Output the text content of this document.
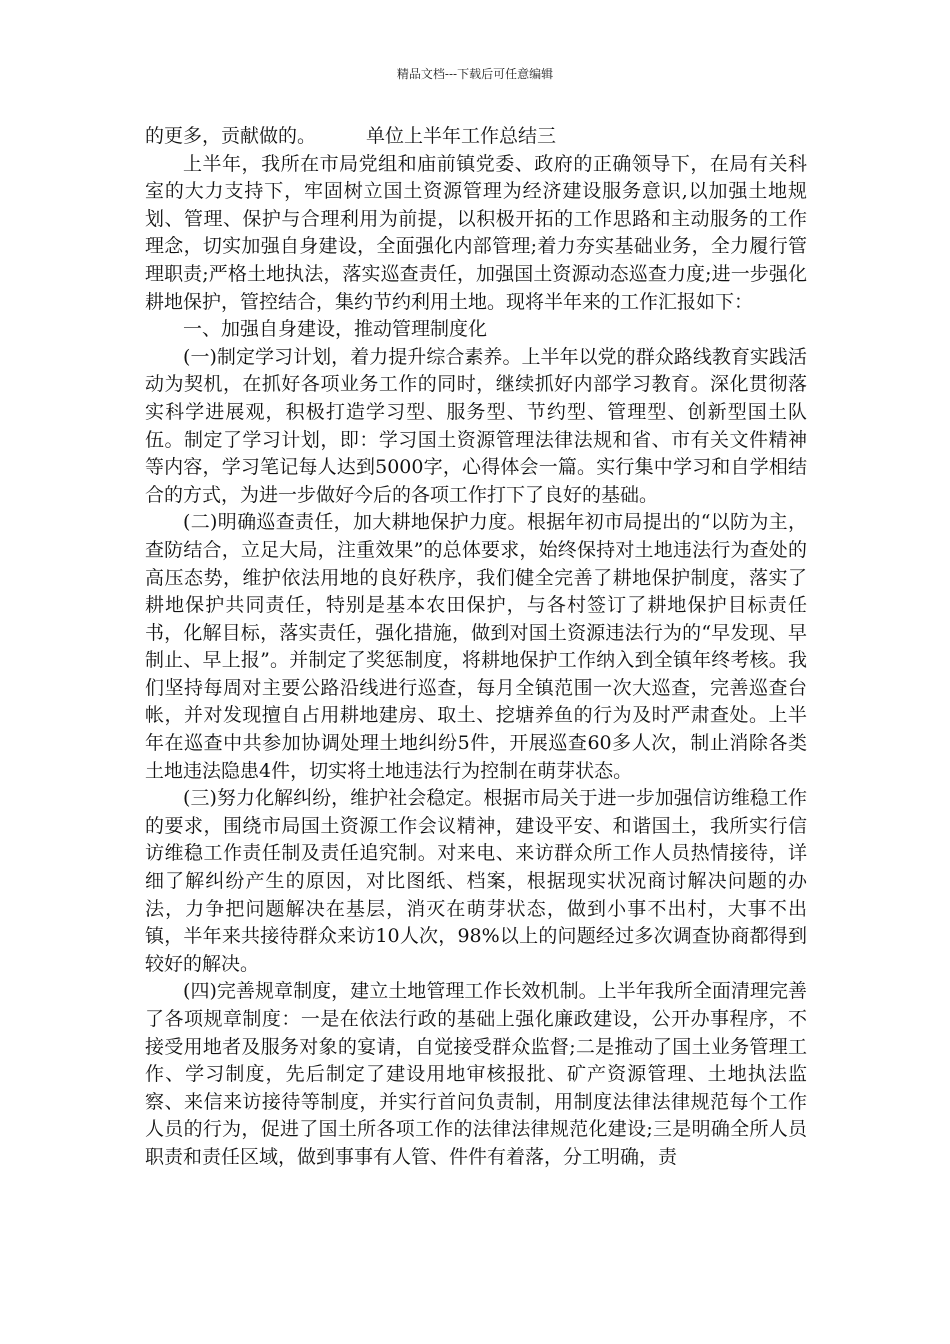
精品文档---下载后可任意编辑

的更多，贡献做的。	单位上半年工作总结三

上半年，我所在市局党组和庙前镇党委、政府的正确领导下，在局有关科室的大力支持下，牢固树立国土资源管理为经济建设服务意识,以加强土地规划、管理、保护与合理利用为前提，以积极开拓的工作思路和主动服务的工作理念，切实加强自身建设，全面强化内部管理;着力夯实基础业务，全力履行管理职责;严格土地执法，落实巡查责任，加强国土资源动态巡查力度;进一步强化耕地保护，管控结合，集约节约利用土地。现将半年来的工作汇报如下：

一、加强自身建设，推动管理制度化

(一)制定学习计划，着力提升综合素养。上半年以党的群众路线教育实践活动为契机，在抓好各项业务工作的同时，继续抓好内部学习教育。深化贯彻落实科学进展观，积极打造学习型、服务型、节约型、管理型、创新型国土队伍。制定了学习计划，即：学习国土资源管理法律法规和省、市有关文件精神等内容，学习笔记每人达到5000字，心得体会一篇。实行集中学习和自学相结合的方式，为进一步做好今后的各项工作打下了良好的基础。

(二)明确巡查责任，加大耕地保护力度。根据年初市局提出的“以防为主，查防结合，立足大局，注重效果”的总体要求，始终保持对土地违法行为查处的高压态势，维护依法用地的良好秩序，我们健全完善了耕地保护制度，落实了耕地保护共同责任，特别是基本农田保护，与各村签订了耕地保护目标责任书，化解目标，落实责任，强化措施，做到对国土资源违法行为的“早发现、早制止、早上报”。并制定了奖惩制度，将耕地保护工作纳入到全镇年终考核。我们坚持每周对主要公路沿线进行巡查，每月全镇范围一次大巡查，完善巡查台帐，并对发现擅自占用耕地建房、取土、挖塘养鱼的行为及时严肃查处。上半年在巡查中共参加协调处理土地纠纷5件，开展巡查60多人次，制止消除各类土地违法隐患4件，切实将土地违法行为控制在萌芽状态。

(三)努力化解纠纷，维护社会稳定。根据市局关于进一步加强信访维稳工作的要求，围绕市局国土资源工作会议精神，建设平安、和谐国土，我所实行信访维稳工作责任制及责任追究制。对来电、来访群众所工作人员热情接待，详细了解纠纷产生的原因，对比图纸、档案，根据现实状况商讨解决问题的办法，力争把问题解决在基层，消灭在萌芽状态，做到小事不出村，大事不出镇，半年来共接待群众来访10人次，98%以上的问题经过多次调查协商都得到较好的解决。

(四)完善规章制度，建立土地管理工作长效机制。上半年我所全面清理完善了各项规章制度：一是在依法行政的基础上强化廉政建设，公开办事程序，不接受用地者及服务对象的宴请，自觉接受群众监督;二是推动了国土业务管理工作、学习制度，先后制定了建设用地审核报批、矿产资源管理、土地执法监察、来信来访接待等制度，并实行首问负责制，用制度法律法律规范每个工作人员的行为，促进了国土所各项工作的法律法律规范化建设;三是明确全所人员职责和责任区域，做到事事有人管、件件有着落，分工明确，责
